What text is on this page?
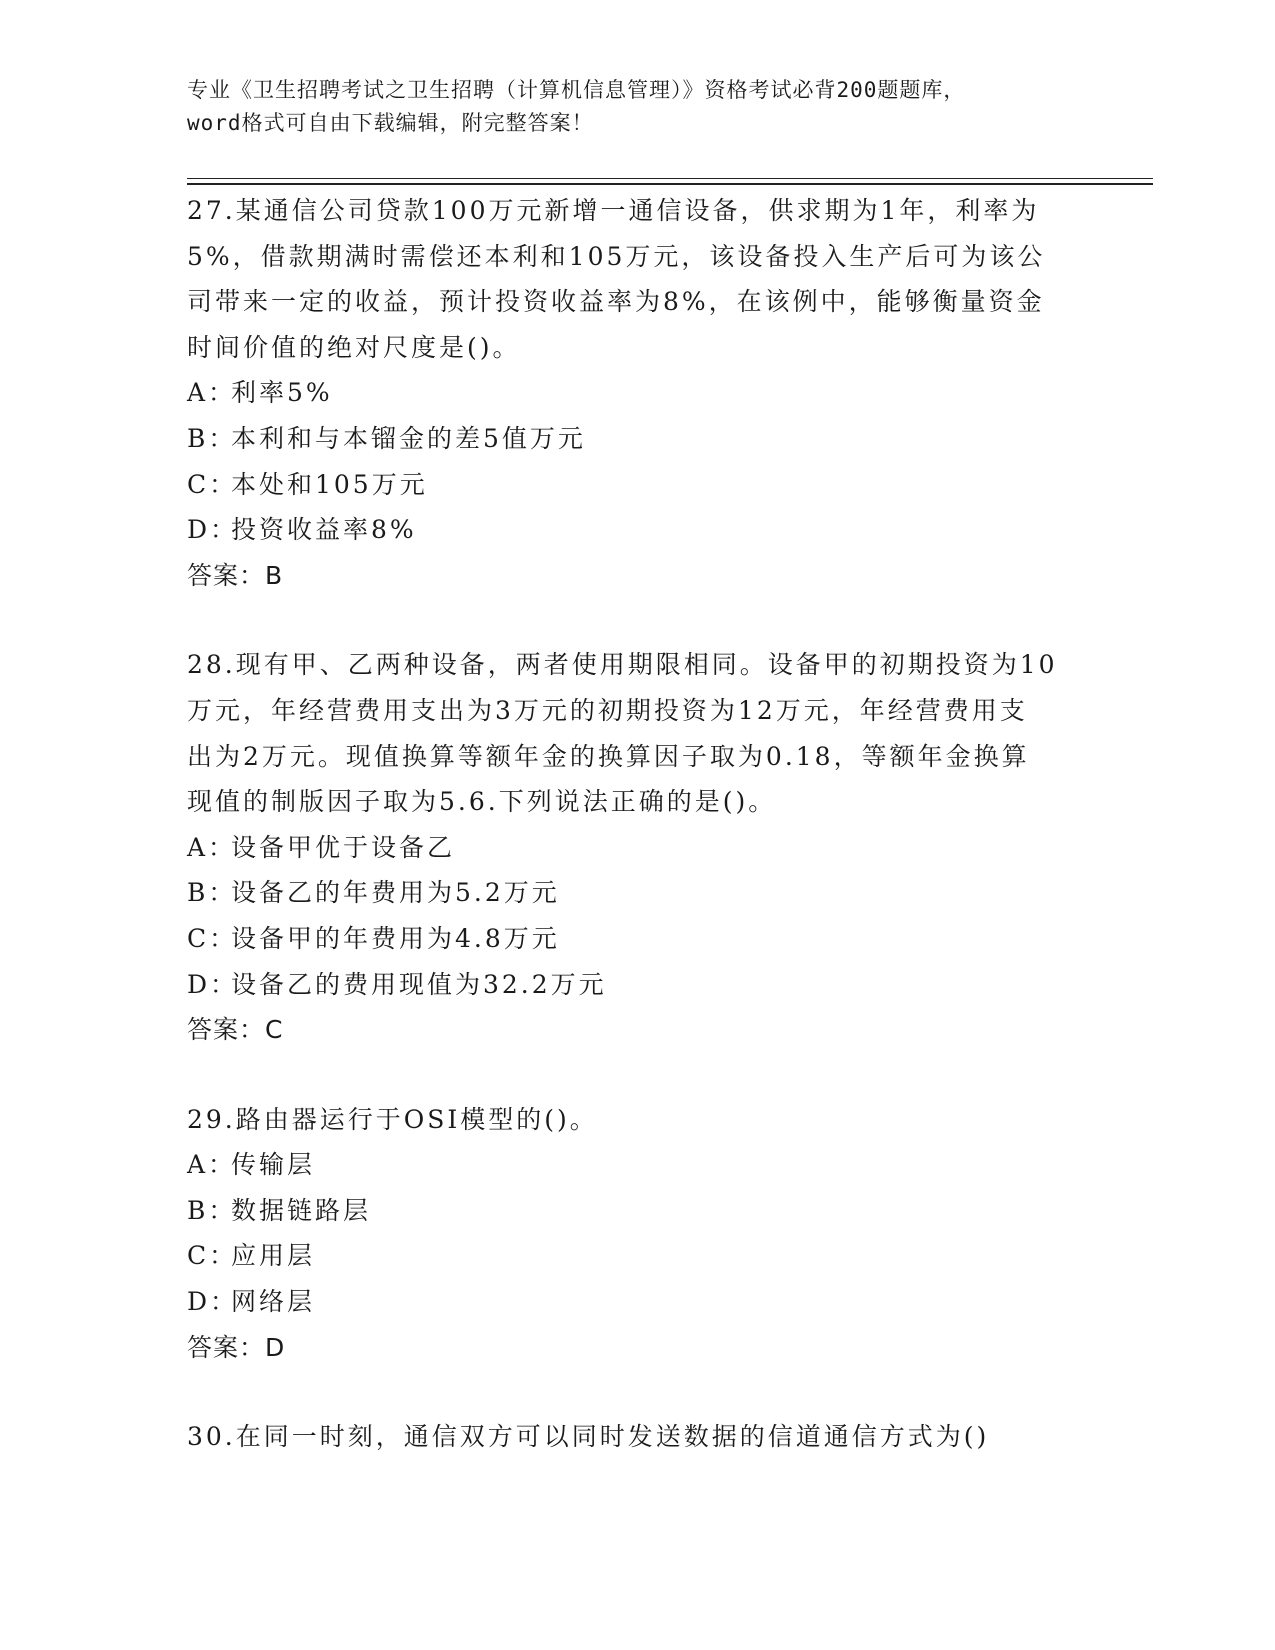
专业《卫生招聘考试之卫生招聘（计算机信息管理）》资格考试必背200题题库，
word格式可自由下载编辑，附完整答案！
27.某通信公司贷款100万元新增一通信设备，供求期为1年，利率为
5%，借款期满时需偿还本利和105万元，该设备投入生产后可为该公
司带来一定的收益，预计投资收益率为8%，在该例中，能够衡量资金
时间价值的绝对尺度是()。
A：
利率5%
B：
本利和与本镏金的差5值万元
C：
本处和105万元
D：
投资收益率8%
答案：B
28.现有甲、乙两种设备，两者使用期限相同。设备甲的初期投资为10
万元，年经营费用支出为3万元的初期投资为12万元，年经营费用支
出为2万元。现值换算等额年金的换算因子取为0.18，等额年金换算
现值的制版因子取为5.6.下列说法正确的是()。
A：
设备甲优于设备乙
B：
设备乙的年费用为5.2万元
C：
设备甲的年费用为4.8万元
D：
设备乙的费用现值为32.2万元
答案：C
29.路由器运行于OSI模型的()。
A：
传输层
B：
数据链路层
C：
应用层
D：
网络层
答案：D
30.在同一时刻，通信双方可以同时发送数据的信道通信方式为()
